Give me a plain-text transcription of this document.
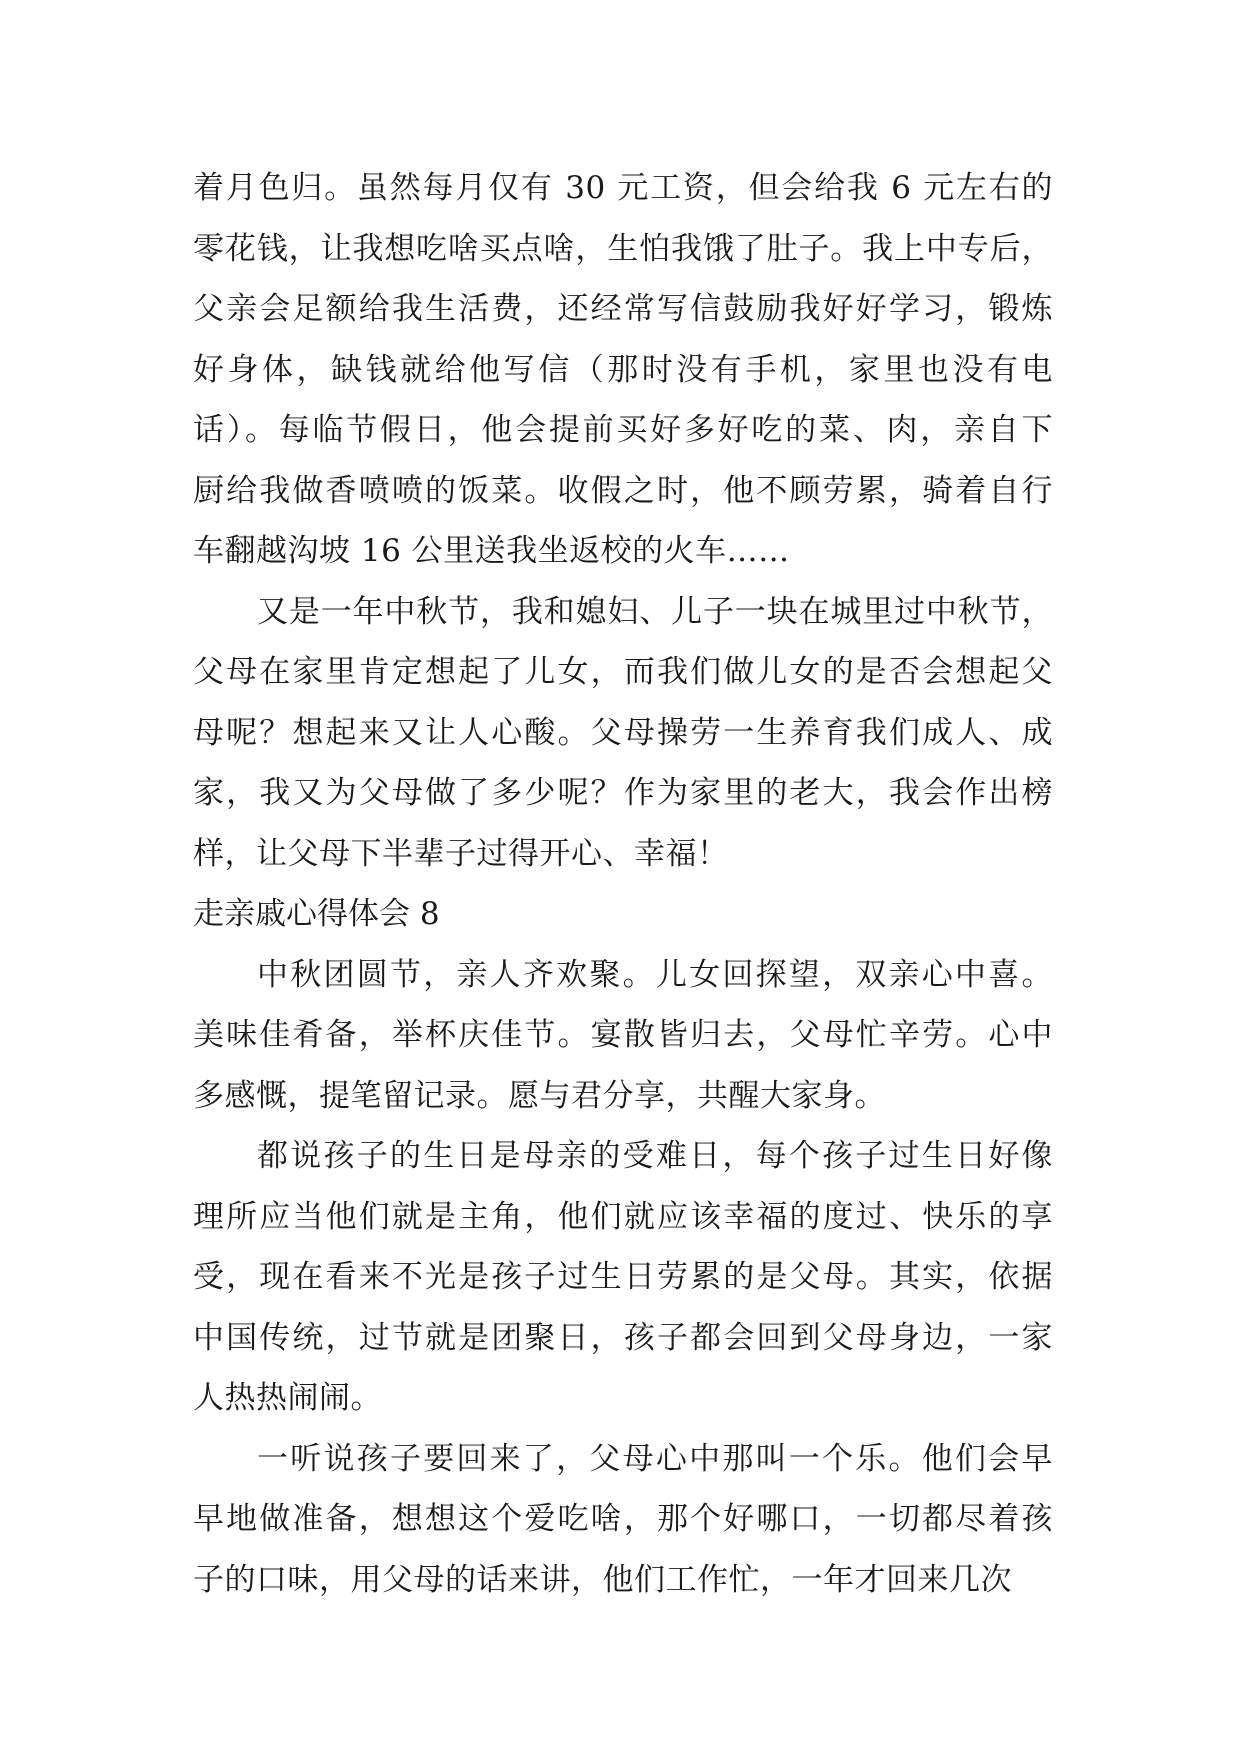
着月色归。虽然每月仅有 30 元工资，但会给我 6 元左右的
零花钱，让我想吃啥买点啥，生怕我饿了肚子。我上中专后，
父亲会足额给我生活费，还经常写信鼓励我好好学习，锻炼
好身体，缺钱就给他写信（那时没有手机，家里也没有电
话）。每临节假日，他会提前买好多好吃的菜、肉，亲自下
厨给我做香喷喷的饭菜。收假之时，他不顾劳累，骑着自行
车翻越沟坡 16 公里送我坐返校的火车……
又是一年中秋节，我和媳妇、儿子一块在城里过中秋节，
父母在家里肯定想起了儿女，而我们做儿女的是否会想起父
母呢？想起来又让人心酸。父母操劳一生养育我们成人、成
家，我又为父母做了多少呢？作为家里的老大，我会作出榜
样，让父母下半辈子过得开心、幸福！
走亲戚心得体会 8
中秋团圆节，亲人齐欢聚。儿女回探望，双亲心中喜。
美味佳肴备，举杯庆佳节。宴散皆归去，父母忙辛劳。心中
多感慨，提笔留记录。愿与君分享，共醒大家身。
都说孩子的生日是母亲的受难日，每个孩子过生日好像
理所应当他们就是主角，他们就应该幸福的度过、快乐的享
受，现在看来不光是孩子过生日劳累的是父母。其实，依据
中国传统，过节就是团聚日，孩子都会回到父母身边，一家
人热热闹闹。
一听说孩子要回来了，父母心中那叫一个乐。他们会早
早地做准备，想想这个爱吃啥，那个好哪口，一切都尽着孩
子的口味，用父母的话来讲，他们工作忙，一年才回来几次
